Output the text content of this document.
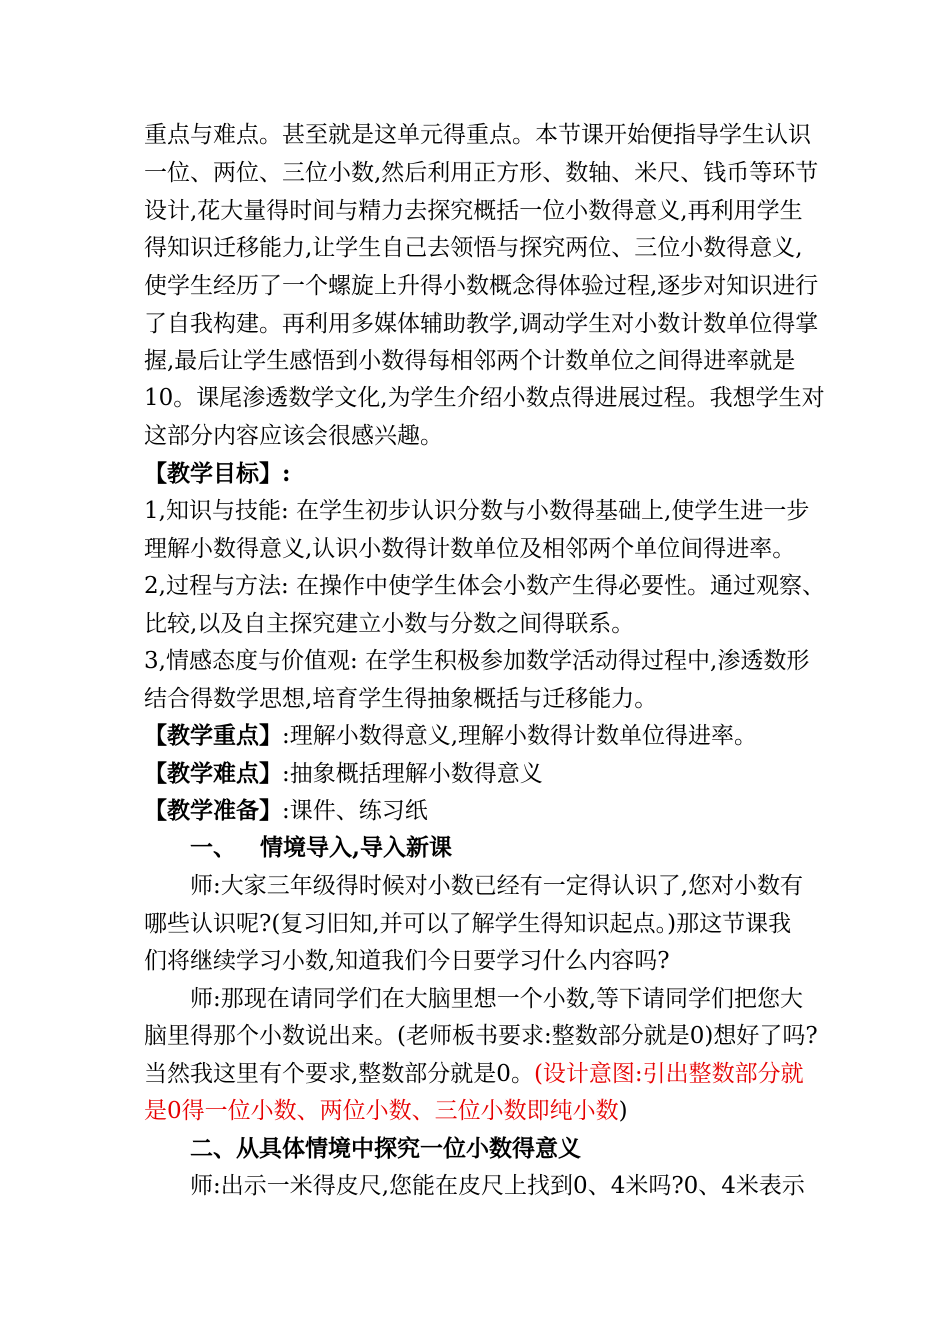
重点与难点。甚至就是这单元得重点。本节课开始便指导学生认识
一位、两位、三位小数,然后利用正方形、数轴、米尺、钱币等环节
设计,花大量得时间与精力去探究概括一位小数得意义,再利用学生
得知识迁移能力,让学生自己去领悟与探究两位、三位小数得意义,
使学生经历了一个螺旋上升得小数概念得体验过程,逐步对知识进行
了自我构建。再利用多媒体辅助教学,调动学生对小数计数单位得掌
握,最后让学生感悟到小数得每相邻两个计数单位之间得进率就是
10。课尾渗透数学文化,为学生介绍小数点得进展过程。我想学生对
这部分内容应该会很感兴趣。
【教学目标】:
1,知识与技能: 在学生初步认识分数与小数得基础上,使学生进一步
理解小数得意义,认识小数得计数单位及相邻两个单位间得进率。
2,过程与方法: 在操作中使学生体会小数产生得必要性。通过观察、
比较,以及自主探究建立小数与分数之间得联系。
3,情感态度与价值观: 在学生积极参加数学活动得过程中,渗透数形
结合得数学思想,培育学生得抽象概括与迁移能力。
【教学重点】:理解小数得意义,理解小数得计数单位得进率。
【教学难点】:抽象概括理解小数得意义
【教学准备】:课件、练习纸
一、   情境导入,导入新课
师:大家三年级得时候对小数已经有一定得认识了,您对小数有
哪些认识呢?(复习旧知,并可以了解学生得知识起点。)那这节课我
们将继续学习小数,知道我们今日要学习什么内容吗?
师:那现在请同学们在大脑里想一个小数,等下请同学们把您大
脑里得那个小数说出来。(老师板书要求:整数部分就是0)想好了吗?
当然我这里有个要求,整数部分就是0。(设计意图:引出整数部分就
是0得一位小数、两位小数、三位小数即纯小数)
二、从具体情境中探究一位小数得意义
师:出示一米得皮尺,您能在皮尺上找到0、4米吗?0、4米表示
